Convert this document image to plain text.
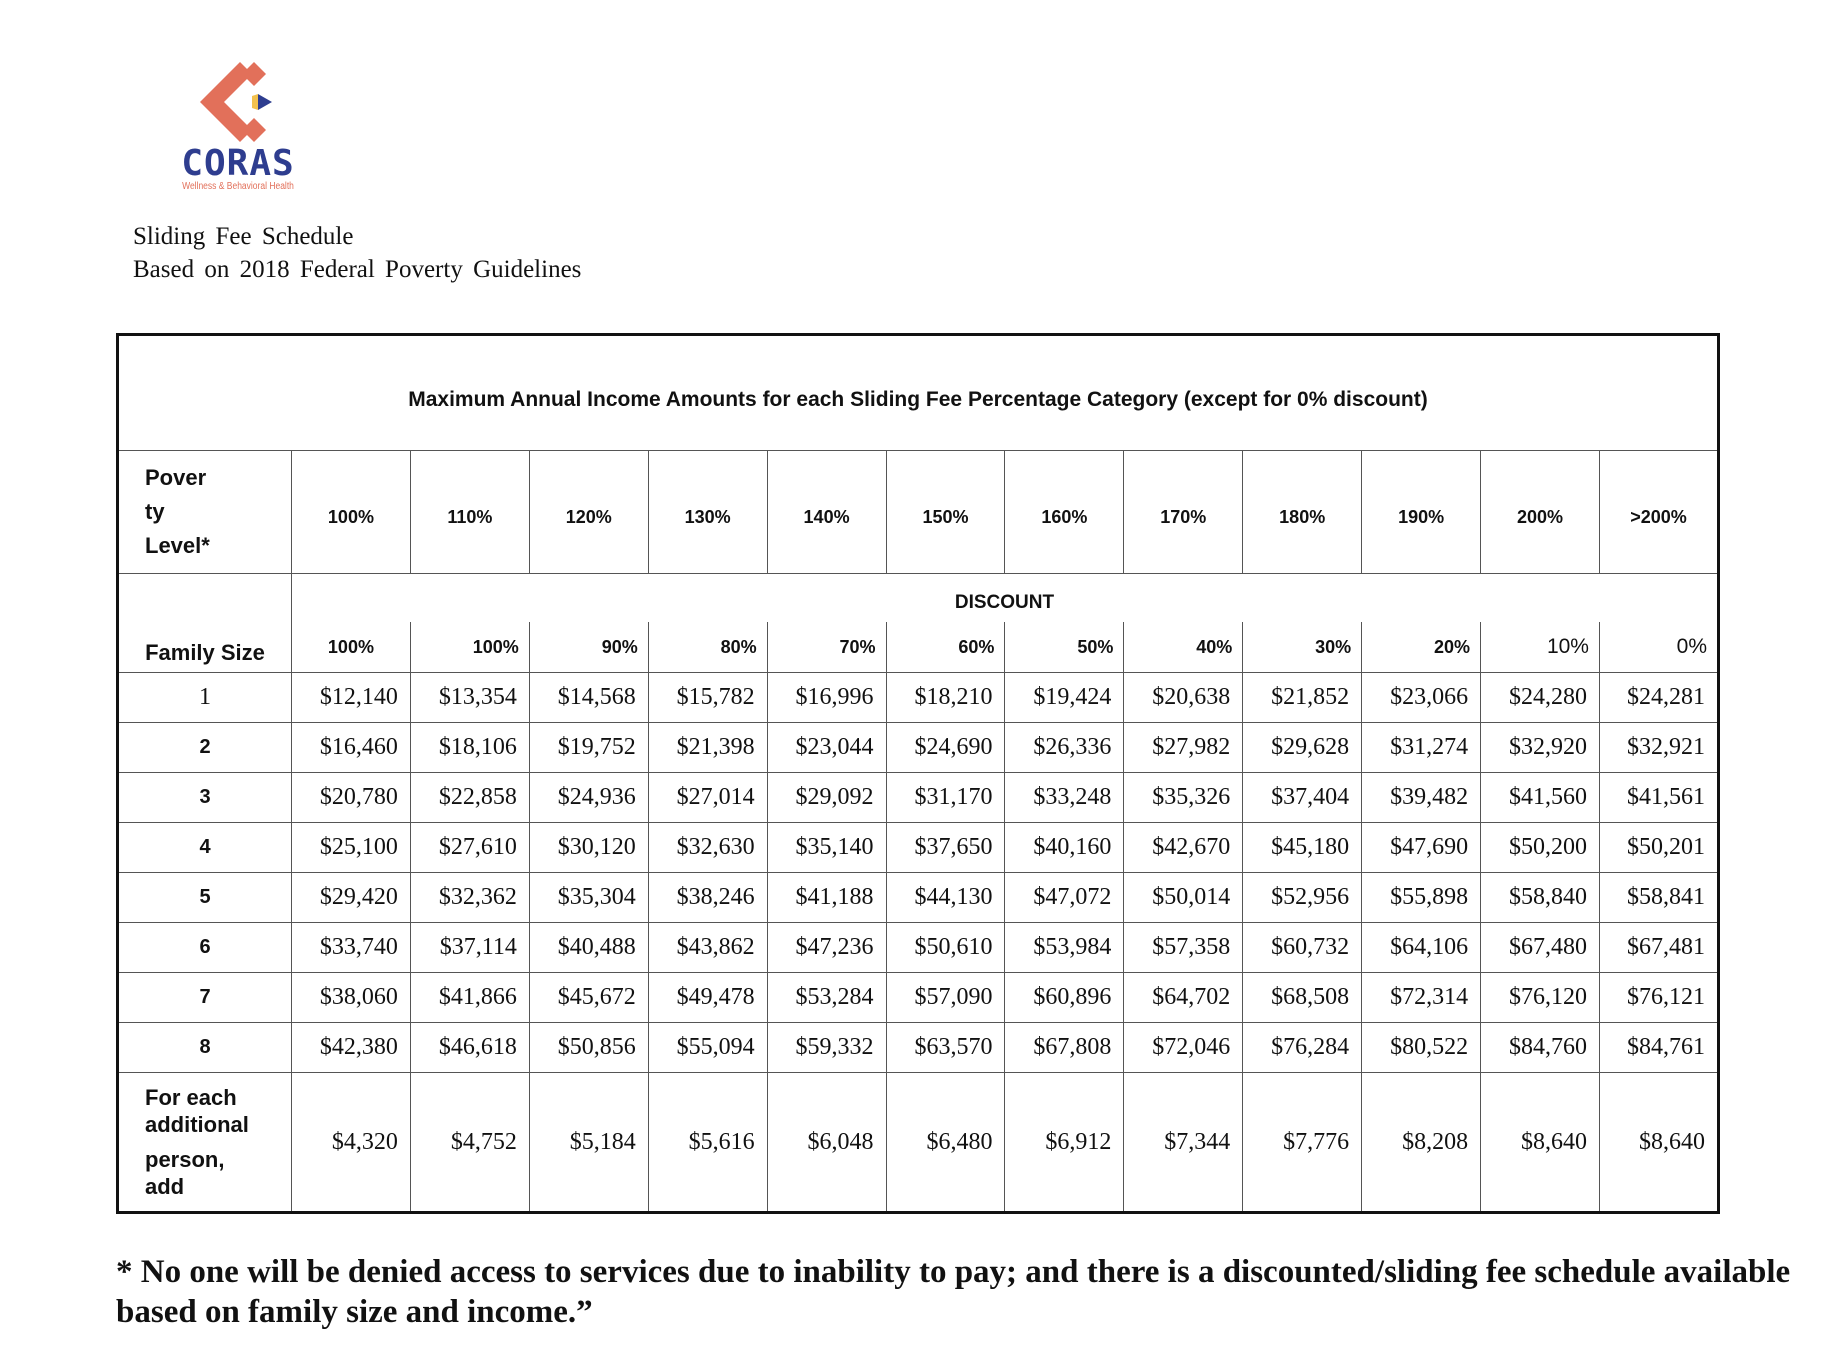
CORAS
Wellness & Behavioral Health
Sliding Fee Schedule
Based on 2018 Federal Poverty Guidelines
Maximum Annual Income Amounts for each Sliding Fee Percentage Category (except for 0% discount)												

Pover
ty
Level*	100%	110%	120%	130%	140%	150%	160%	170%	180%	190%	200%	>200%
Family Size	DISCOUNT											
	100%	100%	90%	80%	70%	60%	50%	40%	30%	20%	10%	0%
1	$12,140	$13,354	$14,568	$15,782	$16,996	$18,210	$19,424	$20,638	$21,852	$23,066	$24,280	$24,281
2	$16,460	$18,106	$19,752	$21,398	$23,044	$24,690	$26,336	$27,982	$29,628	$31,274	$32,920	$32,921
3	$20,780	$22,858	$24,936	$27,014	$29,092	$31,170	$33,248	$35,326	$37,404	$39,482	$41,560	$41,561
4	$25,100	$27,610	$30,120	$32,630	$35,140	$37,650	$40,160	$42,670	$45,180	$47,690	$50,200	$50,201
5	$29,420	$32,362	$35,304	$38,246	$41,188	$44,130	$47,072	$50,014	$52,956	$55,898	$58,840	$58,841
6	$33,740	$37,114	$40,488	$43,862	$47,236	$50,610	$53,984	$57,358	$60,732	$64,106	$67,480	$67,481
7	$38,060	$41,866	$45,672	$49,478	$53,284	$57,090	$60,896	$64,702	$68,508	$72,314	$76,120	$76,121
8	$42,380	$46,618	$50,856	$55,094	$59,332	$63,570	$67,808	$72,046	$76,284	$80,522	$84,760	$84,761

For each
additional
person,
add	$4,320	$4,752	$5,184	$5,616	$6,048	$6,480	$6,912	$7,344	$7,776	$8,208	$8,640	$8,640
* No one will be denied access to services due to inability to pay; and there is a discounted/sliding fee schedule available based on family size and income.”
